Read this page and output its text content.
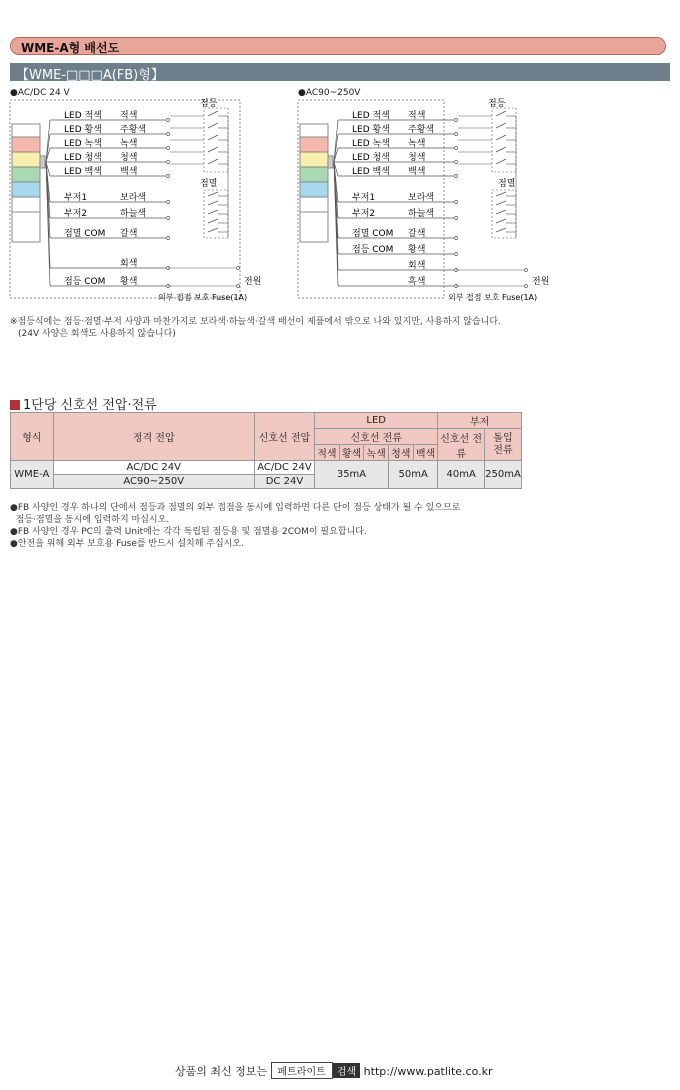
WME-A형 배선도
【WME-□□□A(FB)형】
●AC/DC 24 V
LED 적색 적색
LED 황색 주황색
LED 녹색 녹색
LED 청색 청색
LED 백색 백색
부저1	보라색
부저2	하늘색
점멸 COM 갈색
회색
점등 COM 황색
점등
점멸
전원
외부 접점 보호 Fuse(1A)
●AC90~250V
LED 적색 적색
LED 황색 주황색
LED 녹색 녹색
LED 청색 청색
LED 백색 백색
부저1	보라색
부저2	하늘색
점멸 COM 갈색
점등 COM 황색
회색
흑색
점등
점멸
전원
외부 접점 보호 Fuse(1A)
※점등식에는 점등·점멸·부저 사양과 마찬가지로 보라색·하늘색·갈색 배선이 제품에서 밖으로 나와 있지만, 사용하지 않습니다.
(24V 사양은 회색도 사용하지 않습니다)
1단당 신호선 전압·전류
형식	정격 전압	신호선 전압	LED					부저	
			신호선 전류					신호선 전류	돌입
전류
			적색	황색	녹색	청색	백색		
WME-A	AC/DC 24V	AC/DC 24V	35mA			50mA		40mA	250mA
	AC90~250V	DC 24V							
●FB 사양인 경우 하나의 단에서 점등과 점멸의 외부 접점을 동시에 입력하면 다른 단이 점등 상태가 될 수 있으므로
점등·점멸을 동시에 입력하지 마십시오.
●FB 사양인 경우 PC의 출력 Unit에는 각각 독립된 점등용 및 점멸용 2COM이 필요합니다.
●안전을 위해 외부 보호용 Fuse를 반드시 설치해 주십시오.
상품의 최신 정보는 페트라이트 검색 http://www.patlite.co.kr
